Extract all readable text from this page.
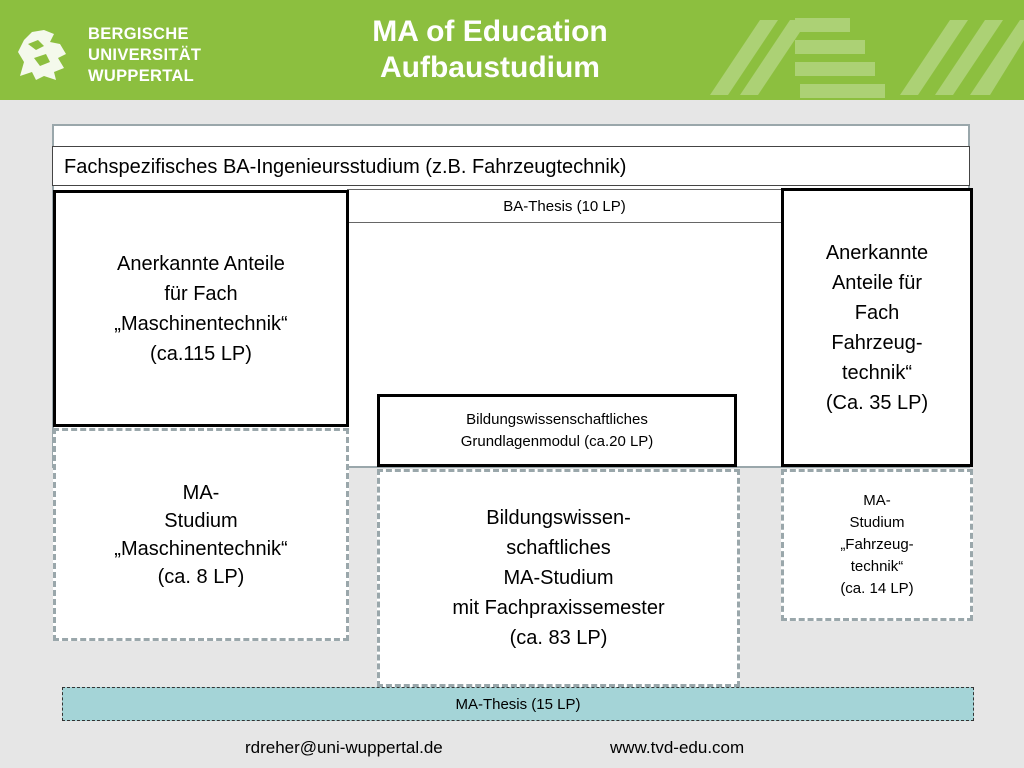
BERGISCHE
UNIVERSITÄT
WUPPERTAL
MA of Education
Aufbaustudium
Fachspezifisches BA-Ingenieursstudium (z.B. Fahrzeugtechnik)
BA-Thesis (10 LP)
Anerkannte Anteile
für Fach
„Maschinentechnik“
(ca.115 LP)
Anerkannte
Anteile für
Fach
Fahrzeug-
technik“
(Ca. 35 LP)
Bildungswissenschaftliches
Grundlagenmodul (ca.20 LP)
MA-
Studium
„Maschinentechnik“
(ca. 8 LP)
Bildungswissen-
schaftliches
MA-Studium
mit Fachpraxissemester
(ca. 83 LP)
MA-
Studium
„Fahrzeug-
technik“
(ca. 14 LP)
MA-Thesis (15 LP)
rdreher@uni-wuppertal.de	www.tvd-edu.com
